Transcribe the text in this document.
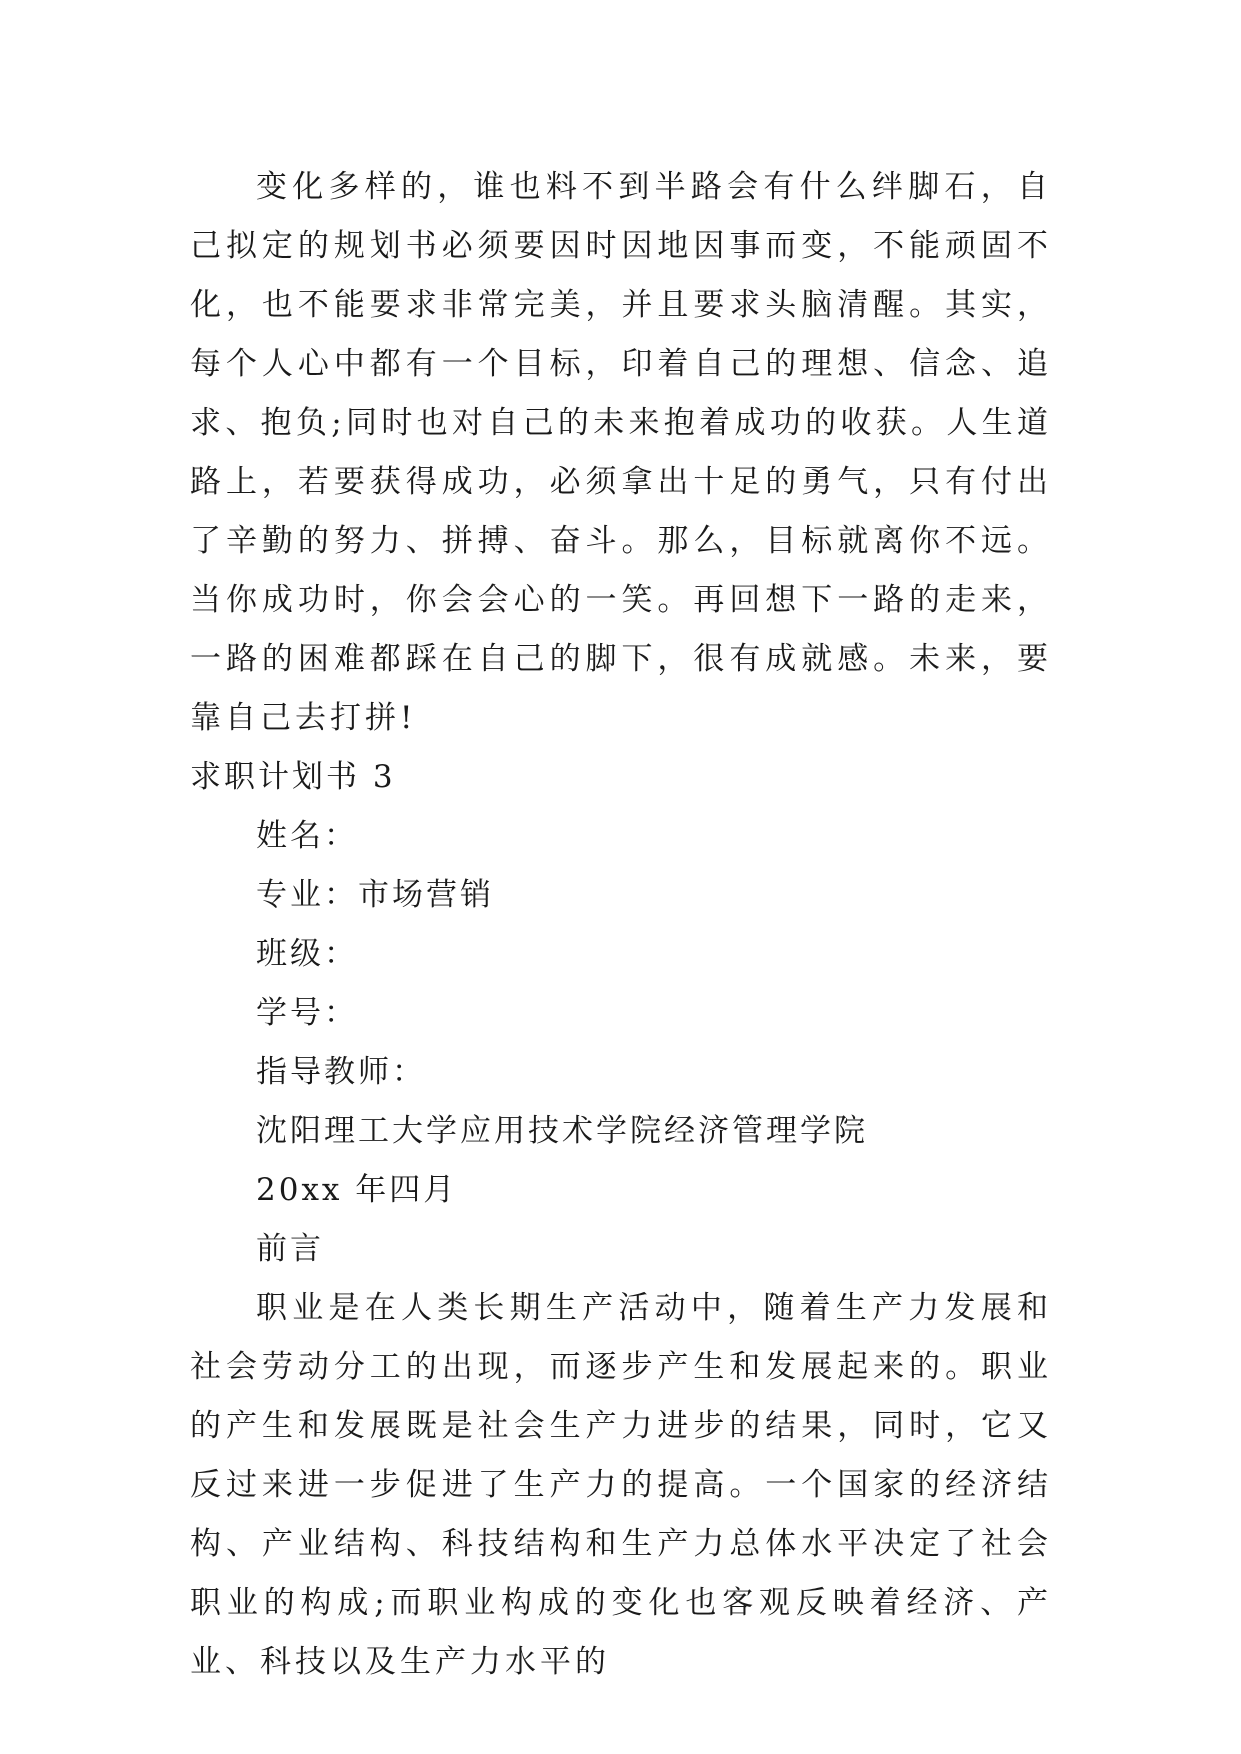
变化多样的，谁也料不到半路会有什么绊脚石，自己拟定的规划书必须要因时因地因事而变，不能顽固不化，也不能要求非常完美，并且要求头脑清醒。其实，每个人心中都有一个目标，印着自己的理想、信念、追求、抱负;同时也对自己的未来抱着成功的收获。人生道路上，若要获得成功，必须拿出十足的勇气，只有付出了辛勤的努力、拼搏、奋斗。那么，目标就离你不远。当你成功时，你会会心的一笑。再回想下一路的走来，一路的困难都踩在自己的脚下，很有成就感。未来，要靠自己去打拼!

求职计划书 3

姓名：

专业：市场营销

班级：

学号：

指导教师：

沈阳理工大学应用技术学院经济管理学院

20xx 年四月

前言

职业是在人类长期生产活动中，随着生产力发展和社会劳动分工的出现，而逐步产生和发展起来的。职业的产生和发展既是社会生产力进步的结果，同时，它又反过来进一步促进了生产力的提高。一个国家的经济结构、产业结构、科技结构和生产力总体水平决定了社会职业的构成;而职业构成的变化也客观反映着经济、产业、科技以及生产力水平的
